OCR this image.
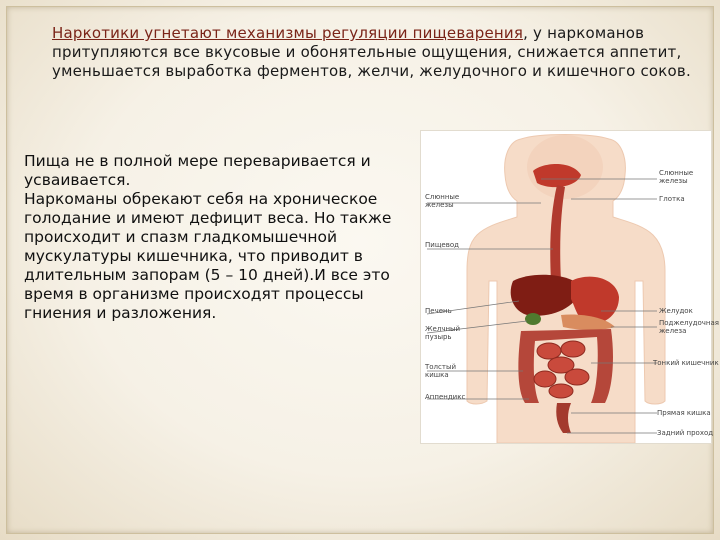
Наркотики угнетают механизмы регуляции пищеварения, у наркоманов притупляются все вкусовые и обонятельные ощущения, снижается аппетит, уменьшается выработка ферментов, желчи, желудочного и кишечного соков.

Пища не в полной мере переваривается и усваивается.

Наркоманы обрекают себя на хроническое голодание и имеют дефицит веса. Но также происходит и спазм гладкомышечной мускулатуры кишечника, что приводит в длительным запорам (5 – 10 дней).И все это время в организме происходят процессы гниения и разложения.

Слюнные
железы
Пищевод
Печень
Желчный
пузырь
Толстый
кишка
Аппендикс
Слюнные
железы
Глотка
Желудок
Поджелудочная
железа
Тонкий кишечник
Прямая кишка
Задний проход
